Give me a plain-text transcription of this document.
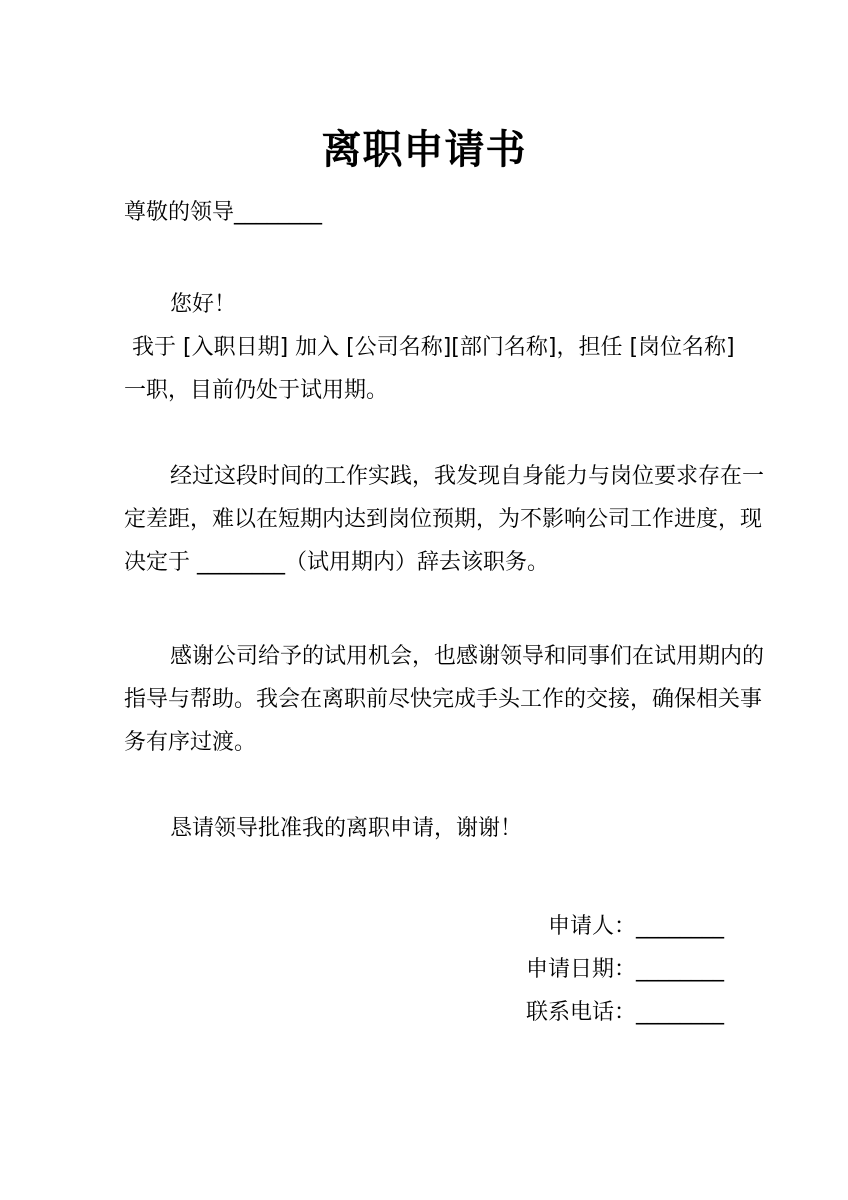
离职申请书
尊敬的领导________
您好！
我于 [入职日期] 加入 [公司名称][部门名称]，担任 [岗位名称]
一职，目前仍处于试用期。
经过这段时间的工作实践，我发现自身能力与岗位要求存在一
定差距，难以在短期内达到岗位预期，为不影响公司工作进度，现
决定于 ________（试用期内）辞去该职务。
感谢公司给予的试用机会，也感谢领导和同事们在试用期内的
指导与帮助。我会在离职前尽快完成手头工作的交接，确保相关事
务有序过渡。
恳请领导批准我的离职申请，谢谢！
申请人：________
申请日期：________
联系电话：________
